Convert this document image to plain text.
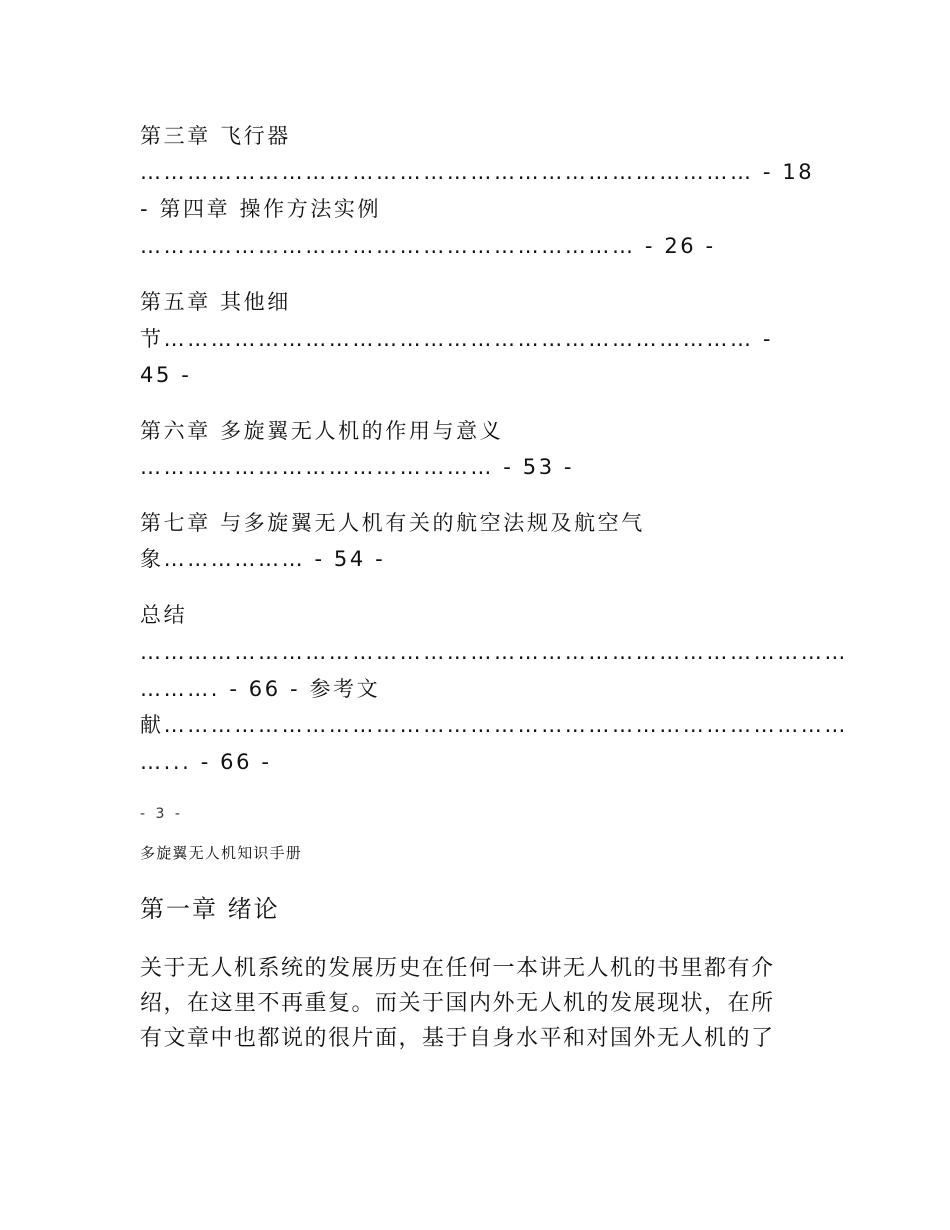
第三章 飞行器
…………………………………………………………………… - 18
- 第四章 操作方法实例
……………………………………………………… - 26 -
第五章 其他细
节………………………………………………………………… -
45 -
第六章 多旋翼无人机的作用与意义
……………………………………… - 53 -
第七章 与多旋翼无人机有关的航空法规及航空气
象……………… - 54 -
总结
………………………………………………………………………………
………. - 66 - 参考文
献……………………………………………………………………………
…... - 66 -
- 3 -
多旋翼无人机知识手册
第一章 绪论
关于无人机系统的发展历史在任何一本讲无人机的书里都有介
绍，在这里不再重复。而关于国内外无人机的发展现状，在所
有文章中也都说的很片面，基于自身水平和对国外无人机的了
